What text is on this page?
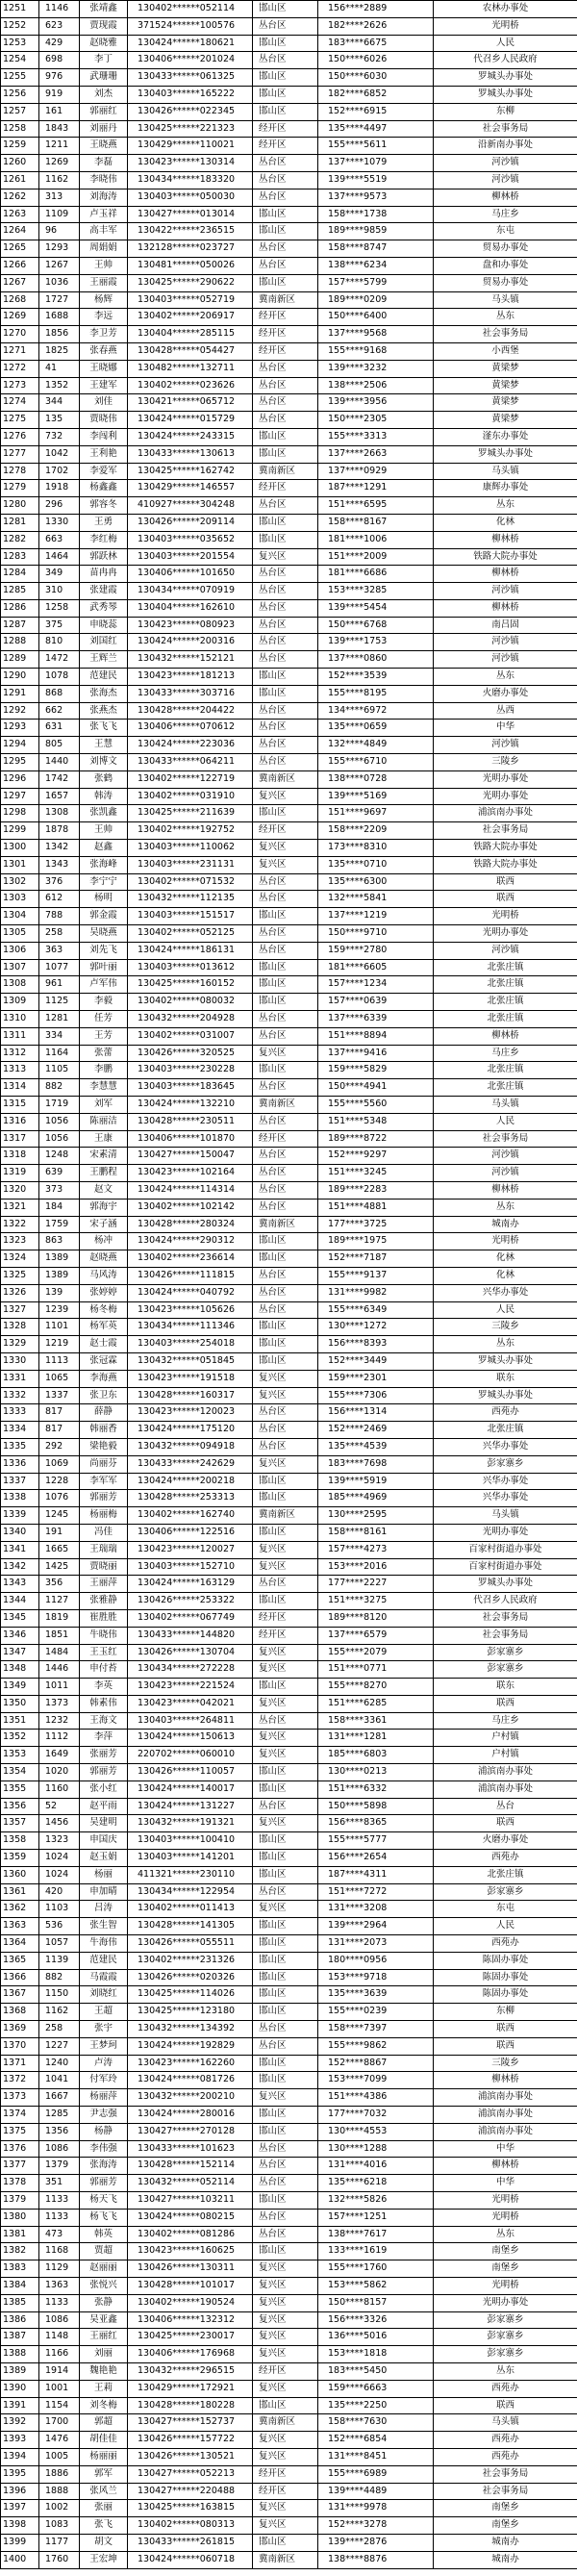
1251	1146	张靖鑫	130402******052114	邯山区	156****2889	农林办事处
1252	623	贾现霞	371524******100576	丛台区	182****2626	光明桥
1253	429	赵晓雅	130424******180621	邯山区	183****6675	人民
1254	698	李丁	130406******201024	丛台区	150****6026	代召乡人民政府
1255	976	武珊珊	130433******061325	邯山区	150****6030	罗城头办事处
1256	919	刘杰	130403******165222	邯山区	182****6852	罗城头办事处
1257	161	郭丽红	130426******022345	邯山区	152****6915	东柳
1258	1843	刘丽丹	130425******221323	经开区	135****4497	社会事务局
1259	1211	王晓燕	130429******110021	经开区	155****5611	沿新南办事处
1260	1269	李磊	130423******130314	丛台区	137****1079	河沙镇
1261	1162	李晓伟	130434******183320	丛台区	139****5519	河沙镇
1262	313	刘海涛	130403******050030	丛台区	137****9573	柳林桥
1263	1109	卢玉祥	130427******013014	邯山区	158****1738	马庄乡
1264	96	高丰军	130422******236515	邯山区	189****9859	东屯
1265	1293	周娟娟	132128******023727	丛台区	158****8747	贸易办事处
1266	1267	王帅	130481******050026	丛台区	138****6234	盘和办事处
1267	1036	王丽霞	130425******290622	邯山区	157****5799	贸易办事处
1268	1727	杨辉	130403******052719	冀南新区	189****0209	马头镇
1269	1688	李远	130402******206917	经开区	150****6400	丛东
1270	1856	李卫芳	130404******285115	经开区	137****9568	社会事务局
1271	1825	张春燕	130428******054427	经开区	155****9168	小西堡
1272	41	王晓娜	130482******132711	丛台区	139****3232	黄梁梦
1273	1352	王建军	130402******023626	丛台区	138****2506	黄梁梦
1274	344	刘佳	130421******065712	丛台区	139****3956	黄梁梦
1275	135	贾晓伟	130424******015729	丛台区	150****2305	黄梁梦
1276	732	李闯利	130424******243315	邯山区	155****3313	滏东办事处
1277	1042	王利艳	130433******130613	邯山区	137****2663	罗城头办事处
1278	1702	李爱军	130425******162742	冀南新区	137****0929	马头镇
1279	1918	杨鑫鑫	130429******146557	经开区	187****1291	康辉办事处
1280	296	郭容冬	410927******304248	丛台区	151****6595	丛东
1281	1330	王勇	130426******209114	邯山区	158****8167	化林
1282	663	李红梅	130403******035652	邯山区	181****1006	柳林桥
1283	1464	郭跃林	130403******201554	复兴区	151****2009	铁路大院办事处
1284	349	苗冉冉	130406******101650	丛台区	181****6686	柳林桥
1285	310	张建霞	130434******070919	丛台区	153****3285	河沙镇
1286	1258	武秀琴	130404******162610	丛台区	139****5454	柳林桥
1287	375	申晓蕊	130423******080923	丛台区	150****6768	南吕固
1288	810	刘国红	130424******200316	丛台区	139****1753	河沙镇
1289	1472	王辉兰	130432******152121	丛台区	137****0860	河沙镇
1290	1078	范建民	130423******181213	邯山区	152****3539	丛东
1291	868	张海杰	130433******303716	邯山区	155****8195	火磨办事处
1292	662	张燕杰	130428******204422	丛台区	134****6972	丛西
1293	631	张飞飞	130406******070612	丛台区	135****0659	中华
1294	805	王慧	130424******223036	丛台区	132****4849	河沙镇
1295	1440	刘博文	130433******064211	丛台区	155****6710	三陵乡
1296	1742	张鹤	130402******122719	冀南新区	138****0728	光明办事处
1297	1657	韩涛	130402******031910	复兴区	139****5169	光明办事处
1298	1308	张凯鑫	130425******211639	邯山区	151****9697	浦滨南办事处
1299	1878	王帅	130402******192752	经开区	158****2209	社会事务局
1300	1342	赵鑫	130403******110062	复兴区	173****8310	铁路大院办事处
1301	1343	张海峰	130403******231131	复兴区	135****0710	铁路大院办事处
1302	376	李宁宁	130402******071532	丛台区	135****6300	联西
1303	612	杨明	130432******112135	丛台区	132****5841	联西
1304	788	郭金霞	130403******151517	邯山区	137****1219	光明桥
1305	258	吴晓燕	130402******052125	丛台区	150****9710	光明办事处
1306	363	刘先飞	130424******186131	丛台区	159****2780	河沙镇
1307	1077	郭叶丽	130403******013612	邯山区	181****6605	北张庄镇
1308	961	卢军伟	130425******160152	邯山区	157****1234	北张庄镇
1309	1125	李毅	130402******080032	邯山区	157****0639	北张庄镇
1310	1281	任芳	130432******204928	丛台区	137****6339	北张庄镇
1311	334	王芳	130402******031007	丛台区	151****8894	柳林桥
1312	1164	张蕾	130426******320525	复兴区	137****9416	马庄乡
1313	1105	李鹏	130403******230228	邯山区	159****5829	北张庄镇
1314	882	李慧慧	130403******183645	丛台区	150****4941	北张庄镇
1315	1719	刘军	130424******132210	冀南新区	155****5560	马头镇
1316	1056	陈丽洁	130428******230511	丛台区	151****5348	人民
1317	1056	王康	130406******101870	经开区	189****8722	社会事务局
1318	1248	宋素清	130427******150047	丛台区	152****9297	河沙镇
1319	639	王鹏程	130423******102164	丛台区	151****3245	河沙镇
1320	373	赵文	130424******114314	丛台区	189****2283	柳林桥
1321	184	郭海宇	130402******102142	丛台区	151****4881	丛东
1322	1759	宋子涵	130428******280324	冀南新区	177****3725	城南办
1323	863	杨冲	130424******290312	邯山区	189****1975	光明桥
1324	1389	赵晓燕	130402******236614	邯山区	152****7187	化林
1325	1389	马风涛	130426******111815	丛台区	155****9137	化林
1326	139	张婷婷	130424******040792	丛台区	131****9982	兴华办事处
1327	1239	杨冬梅	130423******105626	丛台区	155****6349	人民
1328	1101	杨军英	130434******111346	邯山区	130****1272	三陵乡
1329	1219	赵士霞	130403******254018	邯山区	156****8393	丛东
1330	1113	张冠霖	130432******051845	邯山区	152****3449	罗城头办事处
1331	1065	李海燕	130423******191518	复兴区	159****2301	联东
1332	1337	张卫东	130428******160317	复兴区	155****7306	罗城头办事处
1333	817	薛静	130423******120023	丛台区	156****1314	西苑办
1334	817	韩丽香	130424******175120	丛台区	152****2469	北张庄镇
1335	292	梁艳毅	130432******094918	丛台区	135****4539	兴华办事处
1336	1069	尚丽芬	130433******242629	复兴区	183****7698	彭家寨乡
1337	1228	李军军	130424******200218	邯山区	139****5919	兴华办事处
1338	1076	郭丽芳	130428******253313	邯山区	185****4969	兴华办事处
1339	1245	杨丽梅	130402******162740	冀南新区	130****2595	马头镇
1340	191	冯佳	130406******122516	邯山区	158****8161	光明办事处
1341	1665	王瑞瑞	130423******120027	复兴区	157****4273	百家村街道办事处
1342	1425	贾晓丽	130403******152710	复兴区	153****2016	百家村街道办事处
1343	356	王丽萍	130424******163129	丛台区	177****2227	罗城头办事处
1344	1127	张雅静	130426******253322	邯山区	151****3275	代召乡人民政府
1345	1819	崔胜胜	130402******067749	经开区	189****8120	社会事务局
1346	1851	牛晓伟	130433******144820	经开区	137****6579	社会事务局
1347	1484	王玉红	130426******130704	复兴区	155****2079	彭家寨乡
1348	1446	申付苔	130434******272228	复兴区	151****0771	彭家寨乡
1349	1011	李英	130423******221524	邯山区	155****8270	联东
1350	1373	韩素伟	130423******042021	复兴区	151****6285	联西
1351	1232	王海文	130403******264811	丛台区	158****3361	马庄乡
1352	1112	李萍	130424******150613	复兴区	131****1281	户村镇
1353	1649	张丽芳	220702******060010	复兴区	185****6803	户村镇
1354	1020	郭丽芳	130426******110057	邯山区	130****0213	浦滨南办事处
1355	1160	张小红	130424******140017	邯山区	151****6332	浦滨南办事处
1356	52	赵平雨	130424******131227	丛台区	150****5898	丛台
1357	1456	吴建明	130432******191321	复兴区	156****8365	联西
1358	1323	申国庆	130403******100410	邯山区	155****5777	火磨办事处
1359	1024	赵玉娟	130403******141201	邯山区	156****2654	西苑办
1360	1024	杨丽	411321******230110	邯山区	187****4311	北张庄镇
1361	420	申加晴	130434******122954	丛台区	151****7272	彭家寨乡
1362	1103	吕涛	130402******011413	复兴区	131****3208	东屯
1363	536	张生智	130428******141305	邯山区	139****2964	人民
1364	1057	牛海伟	130426******055511	邯山区	131****2073	西苑办
1365	1139	范建民	130402******231326	邯山区	180****0956	陈固办事处
1366	882	马霞霞	130426******020326	邯山区	153****9718	陈固办事处
1367	1150	刘晓红	130425******114026	邯山区	135****3639	陈固办事处
1368	1162	王超	130425******123180	邯山区	155****0239	东柳
1369	258	张宇	130432******134392	丛台区	158****7397	联西
1370	1227	王梦珂	130424******192829	丛台区	155****9862	联西
1371	1240	卢涛	130423******162260	邯山区	152****8867	三陵乡
1372	1041	付军玲	130424******081726	邯山区	153****7099	柳林桥
1373	1667	杨丽萍	130432******200210	复兴区	151****4386	浦滨南办事处
1374	1285	尹志强	130424******280016	邯山区	177****7032	浦滨南办事处
1375	1356	杨静	130427******270128	邯山区	130****4553	浦滨南办事处
1376	1086	李伟强	130433******101623	丛台区	130****1288	中华
1377	1379	张海涛	130428******152114	丛台区	131****4016	柳林桥
1378	351	郭丽芳	130432******052114	丛台区	135****6218	中华
1379	1133	杨天飞	130427******103211	邯山区	132****5826	光明桥
1380	1133	杨飞飞	130424******080215	丛台区	157****1251	光明桥
1381	473	韩英	130402******081286	丛台区	138****7617	丛东
1382	1168	贾超	130423******160625	邯山区	133****1619	南堡乡
1383	1129	赵丽丽	130426******130311	复兴区	155****1760	南堡乡
1384	1363	张悦兴	130428******101017	复兴区	153****5862	光明桥
1385	1133	张静	130402******190524	复兴区	150****8157	光明办事处
1386	1086	吴亚鑫	130406******132312	复兴区	156****3326	彭家寨乡
1387	1148	王丽红	130425******230017	复兴区	136****5016	彭家寨乡
1388	1166	刘丽	130406******176968	复兴区	153****1818	彭家寨乡
1389	1914	魏艳艳	130432******296515	经开区	183****5450	丛东
1390	1001	王莉	130429******172921	复兴区	159****6663	西苑办
1391	1154	刘冬梅	130428******180228	邯山区	135****2250	联西
1392	1700	郭超	130427******152737	冀南新区	158****7630	马头镇
1393	1476	胡佳佳	130426******157722	复兴区	152****6854	西苑办
1394	1005	杨丽丽	130426******130521	复兴区	131****8451	西苑办
1395	1886	郭军	130427******052213	经开区	155****6989	社会事务局
1396	1888	张风兰	130427******220488	经开区	139****4489	社会事务局
1397	1002	张丽	130425******163815	复兴区	131****9978	南堡乡
1398	1083	张飞	130402******080313	复兴区	152****3278	南堡乡
1399	1177	胡文	130433******261815	邯山区	139****2876	城南办
1400	1760	王宏坤	130424******060718	冀南新区	138****8876	城南办
